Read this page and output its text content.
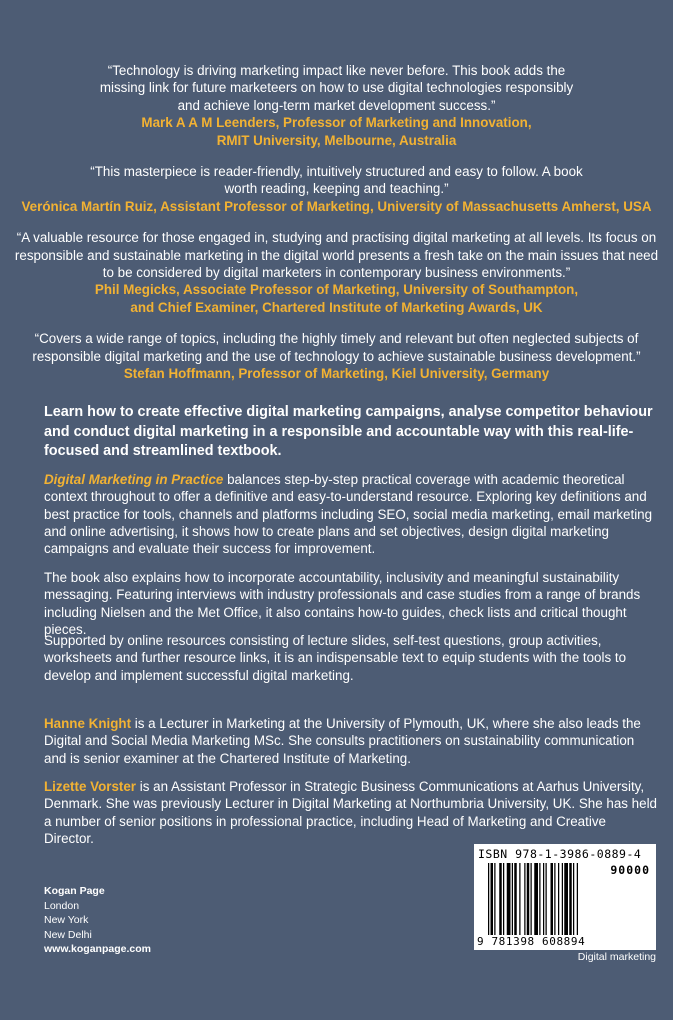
“Technology is driving marketing impact like never before. This book adds the missing link for future marketeers on how to use digital technologies responsibly and achieve long-term market development success.”
Mark A A M Leenders, Professor of Marketing and Innovation,
RMIT University, Melbourne, Australia
“This masterpiece is reader-friendly, intuitively structured and easy to follow. A book worth reading, keeping and teaching.”
Verónica Martín Ruiz, Assistant Professor of Marketing, University of Massachusetts Amherst, USA
“A valuable resource for those engaged in, studying and practising digital marketing at all levels. Its focus on responsible and sustainable marketing in the digital world presents a fresh take on the main issues that need to be considered by digital marketers in contemporary business environments.”
Phil Megicks, Associate Professor of Marketing, University of Southampton,
and Chief Examiner, Chartered Institute of Marketing Awards, UK
“Covers a wide range of topics, including the highly timely and relevant but often neglected subjects of responsible digital marketing and the use of technology to achieve sustainable business development.”
Stefan Hoffmann, Professor of Marketing, Kiel University, Germany
Learn how to create effective digital marketing campaigns, analyse competitor behaviour and conduct digital marketing in a responsible and accountable way with this real-life-focused and streamlined textbook.
Digital Marketing in Practice balances step-by-step practical coverage with academic theoretical context throughout to offer a definitive and easy-to-understand resource. Exploring key definitions and best practice for tools, channels and platforms including SEO, social media marketing, email marketing and online advertising, it shows how to create plans and set objectives, design digital marketing campaigns and evaluate their success for improvement.
The book also explains how to incorporate accountability, inclusivity and meaningful sustainability messaging. Featuring interviews with industry professionals and case studies from a range of brands including Nielsen and the Met Office, it also contains how-to guides, check lists and critical thought pieces.
Supported by online resources consisting of lecture slides, self-test questions, group activities, worksheets and further resource links, it is an indispensable text to equip students with the tools to develop and implement successful digital marketing.
Hanne Knight is a Lecturer in Marketing at the University of Plymouth, UK, where she also leads the Digital and Social Media Marketing MSc. She consults practitioners on sustainability communication and is senior examiner at the Chartered Institute of Marketing.
Lizette Vorster is an Assistant Professor in Strategic Business Communications at Aarhus University, Denmark. She was previously Lecturer in Digital Marketing at Northumbria University, UK. She has held a number of senior positions in professional practice, including Head of Marketing and Creative Director.
Kogan Page
London
New York
New Delhi
www.koganpage.com
ISBN 978-1-3986-0889-4
90000
9 781398 608894
Digital marketing
